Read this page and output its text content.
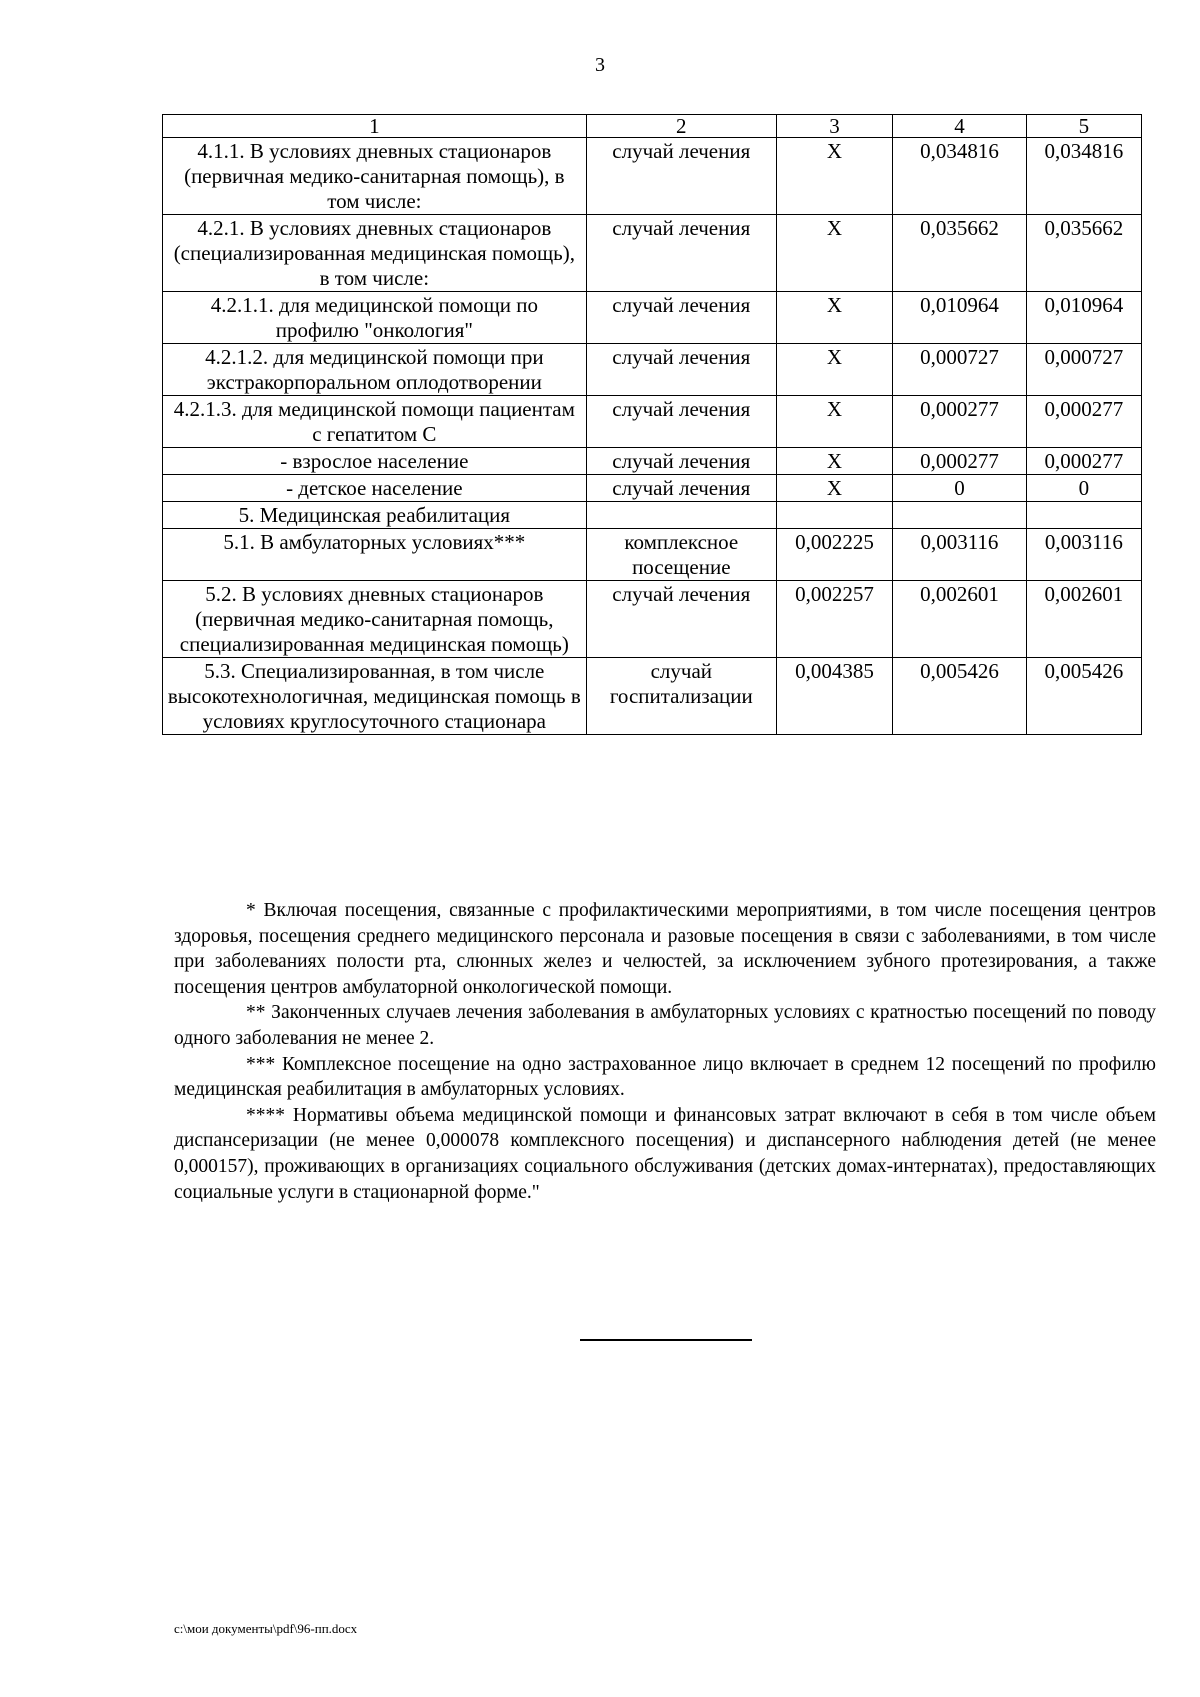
3
1	2	3	4	5
4.1.1. В условиях дневных стационаров (первичная медико-санитарная помощь), в том числе:	случай лечения	X	0,034816	0,034816
4.2.1. В условиях дневных стационаров (специализированная медицинская помощь), в том числе:	случай лечения	X	0,035662	0,035662
4.2.1.1. для медицинской помощи по профилю "онкология"	случай лечения	X	0,010964	0,010964
4.2.1.2. для медицинской помощи при экстракорпоральном оплодотворении	случай лечения	X	0,000727	0,000727
4.2.1.3. для медицинской помощи пациентам с гепатитом С	случай лечения	X	0,000277	0,000277
- взрослое население	случай лечения	X	0,000277	0,000277
- детское население	случай лечения	X	0	0
5. Медицинская реабилитация				
5.1. В амбулаторных условиях***	комплексное посещение	0,002225	0,003116	0,003116
5.2. В условиях дневных стационаров (первичная медико-санитарная помощь, специализированная медицинская помощь)	случай лечения	0,002257	0,002601	0,002601
5.3. Специализированная, в том числе высокотехнологичная, медицинская помощь в условиях круглосуточного стационара	случай госпитализации	0,004385	0,005426	0,005426

* Включая посещения, связанные с профилактическими мероприятиями, в том числе посещения центров здоровья, посещения среднего медицинского персонала и разовые посещения в связи с заболеваниями, в том числе при заболеваниях полости рта, слюнных желез и челюстей, за исключением зубного протезирования, а также посещения центров амбулаторной онкологической помощи.

** Законченных случаев лечения заболевания в амбулаторных условиях с кратностью посещений по поводу одного заболевания не менее 2.

*** Комплексное посещение на одно застрахованное лицо включает в среднем 12 посещений по профилю медицинская реабилитация в амбулаторных условиях.

**** Нормативы объема медицинской помощи и финансовых затрат включают в себя в том числе объем диспансеризации (не менее 0,000078 комплексного посещения) и диспансерного наблюдения детей (не менее 0,000157), проживающих в организациях социального обслуживания (детских домах-интернатах), предоставляющих социальные услуги в стационарной форме."

c:\мои документы\pdf\96-пп.docx
